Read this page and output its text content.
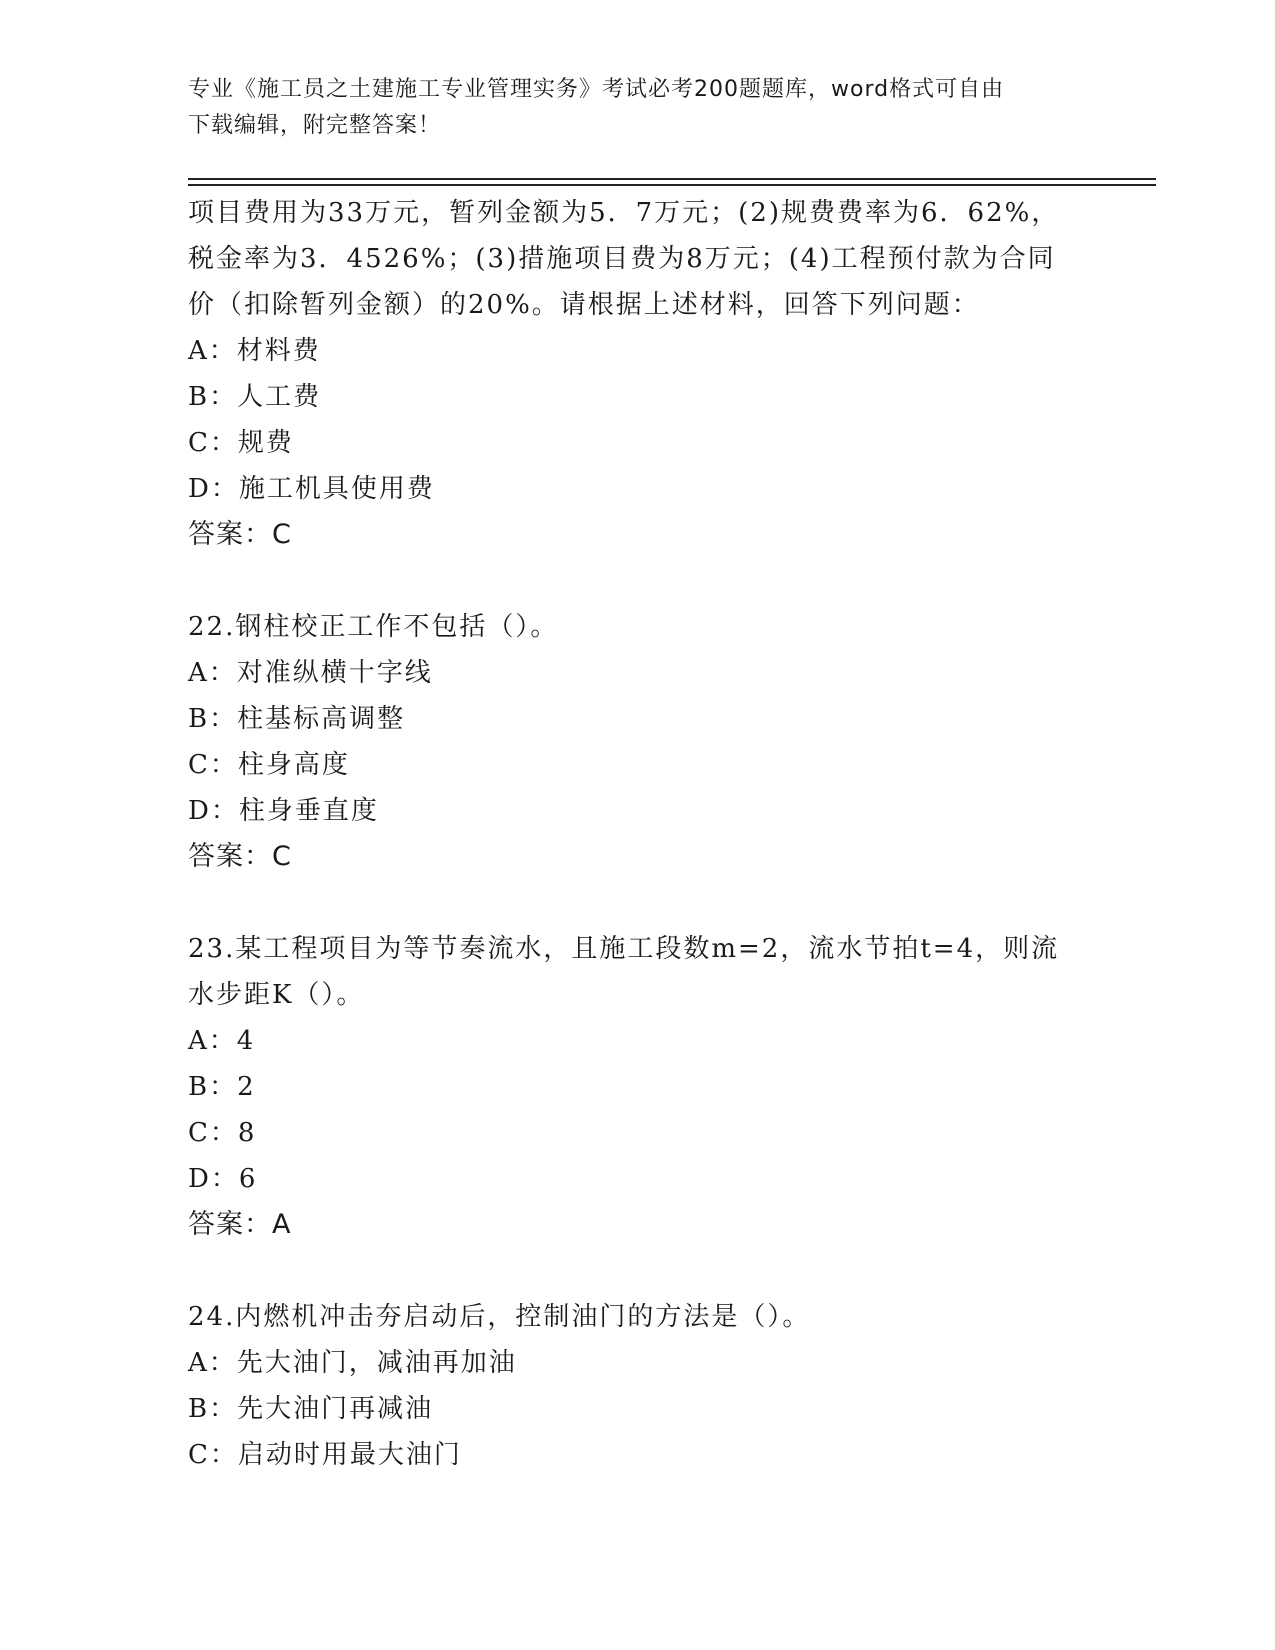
专业《施工员之土建施工专业管理实务》考试必考200题题库，word格式可自由
下载编辑，附完整答案！
项目费用为33万元，暂列金额为5．7万元；(2)规费费率为6．62%，
税金率为3．4526%；(3)措施项目费为8万元；(4)工程预付款为合同
价（扣除暂列金额）的20%。请根据上述材料，回答下列问题：
A：材料费
B：人工费
C：规费
D：施工机具使用费
答案：C
22.钢柱校正工作不包括（）。
A：对准纵横十字线
B：柱基标高调整
C：柱身高度
D：柱身垂直度
答案：C
23.某工程项目为等节奏流水，且施工段数m=2，流水节拍t=4，则流
水步距K（）。
A：4
B：2
C：8
D：6
答案：A
24.内燃机冲击夯启动后，控制油门的方法是（）。
A：先大油门，减油再加油
B：先大油门再减油
C：启动时用最大油门
